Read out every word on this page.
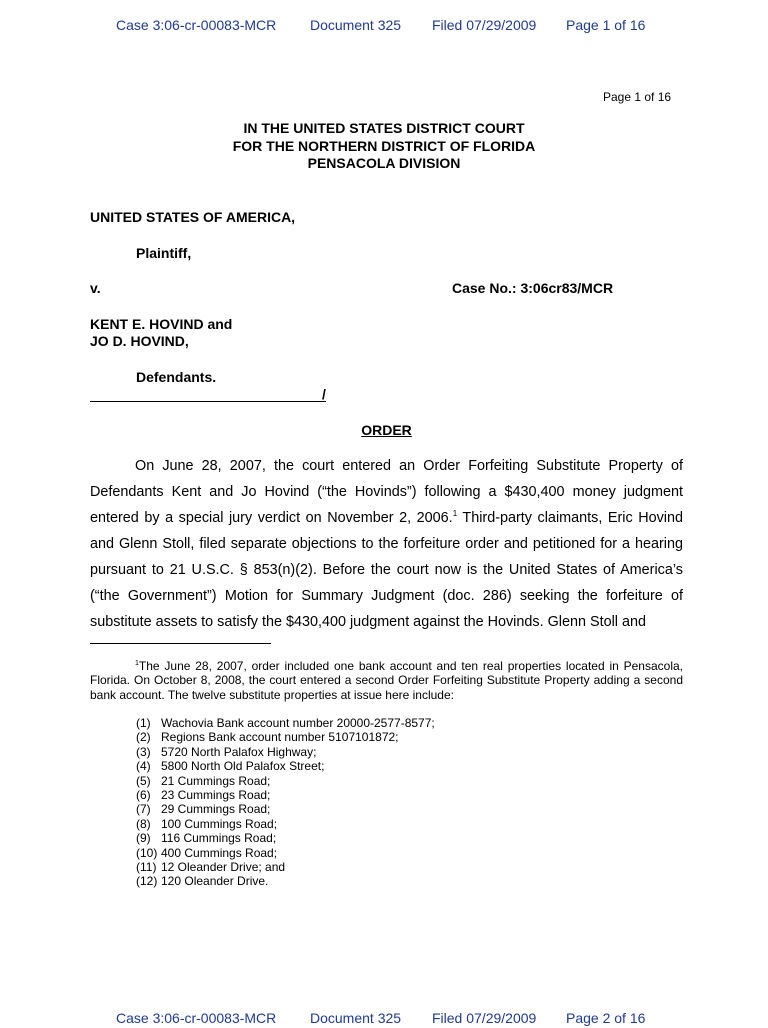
Case 3:06-cr-00083-MCR Document 325 Filed 07/29/2009 Page 1 of 16
Page 1 of 16
IN THE UNITED STATES DISTRICT COURT
FOR THE NORTHERN DISTRICT OF FLORIDA
PENSACOLA DIVISION
UNITED STATES OF AMERICA,
Plaintiff,
v.	Case No.: 3:06cr83/MCR
KENT E. HOVIND and
JO D. HOVIND,
Defendants.
/
ORDER

On June 28, 2007, the court entered an Order Forfeiting Substitute Property of Defendants Kent and Jo Hovind (“the Hovinds”) following a $430,400 money judgment entered by a special jury verdict on November 2, 2006.$^1$ Third-party claimants, Eric Hovind and Glenn Stoll, filed separate objections to the forfeiture order and petitioned for a hearing pursuant to 21 U.S.C. § 853(n)(2). Before the court now is the United States of America’s (“the Government”) Motion for Summary Judgment (doc. 286) seeking the forfeiture of substitute assets to satisfy the $430,400 judgment against the Hovinds. Glenn Stoll and

$^1$The June 28, 2007, order included one bank account and ten real properties located in Pensacola, Florida. On October 8, 2008, the court entered a second Order Forfeiting Substitute Property adding a second bank account. The twelve substitute properties at issue here include:

(1) Wachovia Bank account number 20000-2577-8577;
(2) Regions Bank account number 5107101872;
(3) 5720 North Palafox Highway;
(4) 5800 North Old Palafox Street;
(5) 21 Cummings Road;
(6) 23 Cummings Road;
(7) 29 Cummings Road;
(8) 100 Cummings Road;
(9) 116 Cummings Road;
(10) 400 Cummings Road;
(11) 12 Oleander Drive; and
(12) 120 Oleander Drive.
Case 3:06-cr-00083-MCR Document 325 Filed 07/29/2009 Page 2 of 16
